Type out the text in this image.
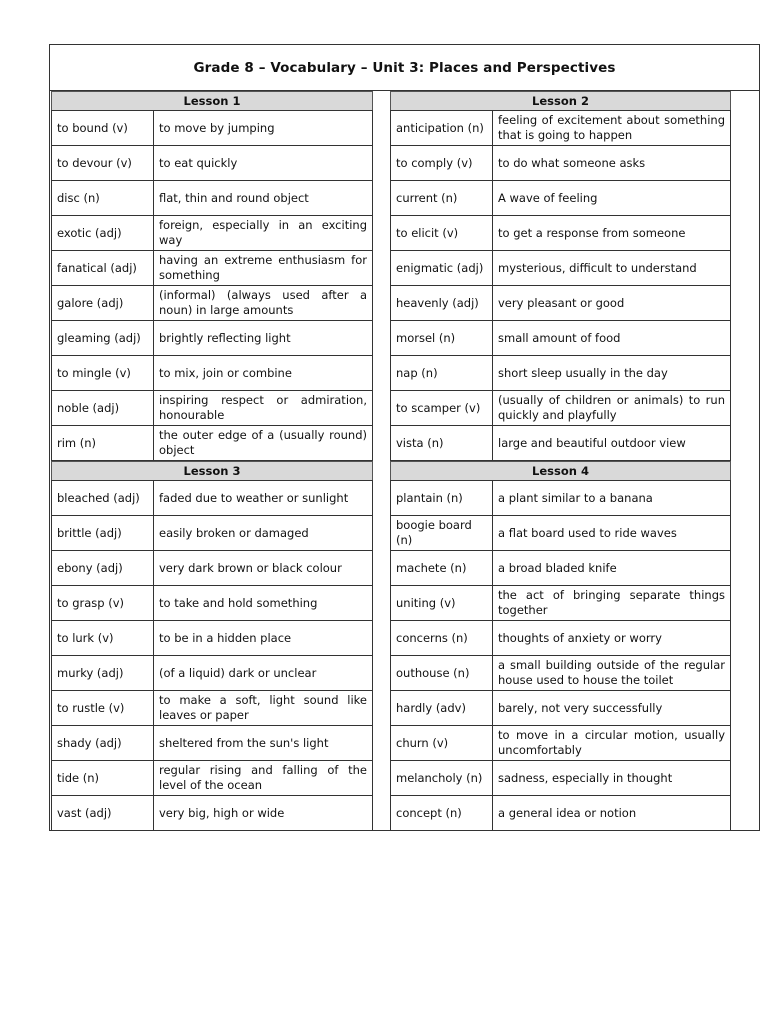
Grade 8 – Vocabulary – Unit 3: Places and Perspectives
Lesson 1
to bound (v)	to move by jumping
to devour (v)	to eat quickly
disc (n)	flat, thin and round object
exotic (adj)	foreign, especially in an exciting way
fanatical (adj)	having an extreme enthusiasm for something
galore (adj)	(informal) (always used after a noun) in large amounts
gleaming (adj)	brightly reflecting light
to mingle (v)	to mix, join or combine
noble (adj)	inspiring respect or admiration, honourable
rim (n)	the outer edge of a (usually round) object
Lesson 2
anticipation (n)	feeling of excitement about something that is going to happen
to comply (v)	to do what someone asks
current (n)	A wave of feeling
to elicit (v)	to get a response from someone
enigmatic (adj)	mysterious, difficult to understand
heavenly (adj)	very pleasant or good
morsel (n)	small amount of food
nap (n)	short sleep usually in the day
to scamper (v)	(usually of children or animals) to run quickly and playfully
vista (n)	large and beautiful outdoor view
Lesson 3
bleached (adj)	faded due to weather or sunlight
brittle (adj)	easily broken or damaged
ebony (adj)	very dark brown or black colour
to grasp (v)	to take and hold something
to lurk (v)	to be in a hidden place
murky (adj)	(of a liquid) dark or unclear
to rustle (v)	to make a soft, light sound like leaves or paper
shady (adj)	sheltered from the sun's light
tide (n)	regular rising and falling of the level of the ocean
vast (adj)	very big, high or wide
Lesson 4
plantain (n)	a plant similar to a banana
boogie board (n)	a flat board used to ride waves
machete (n)	a broad bladed knife
uniting (v)	the act of bringing separate things together
concerns (n)	thoughts of anxiety or worry
outhouse (n)	a small building outside of the regular house used to house the toilet
hardly (adv)	barely, not very successfully
churn (v)	to move in a circular motion, usually uncomfortably
melancholy (n)	sadness, especially in thought
concept (n)	a general idea or notion
